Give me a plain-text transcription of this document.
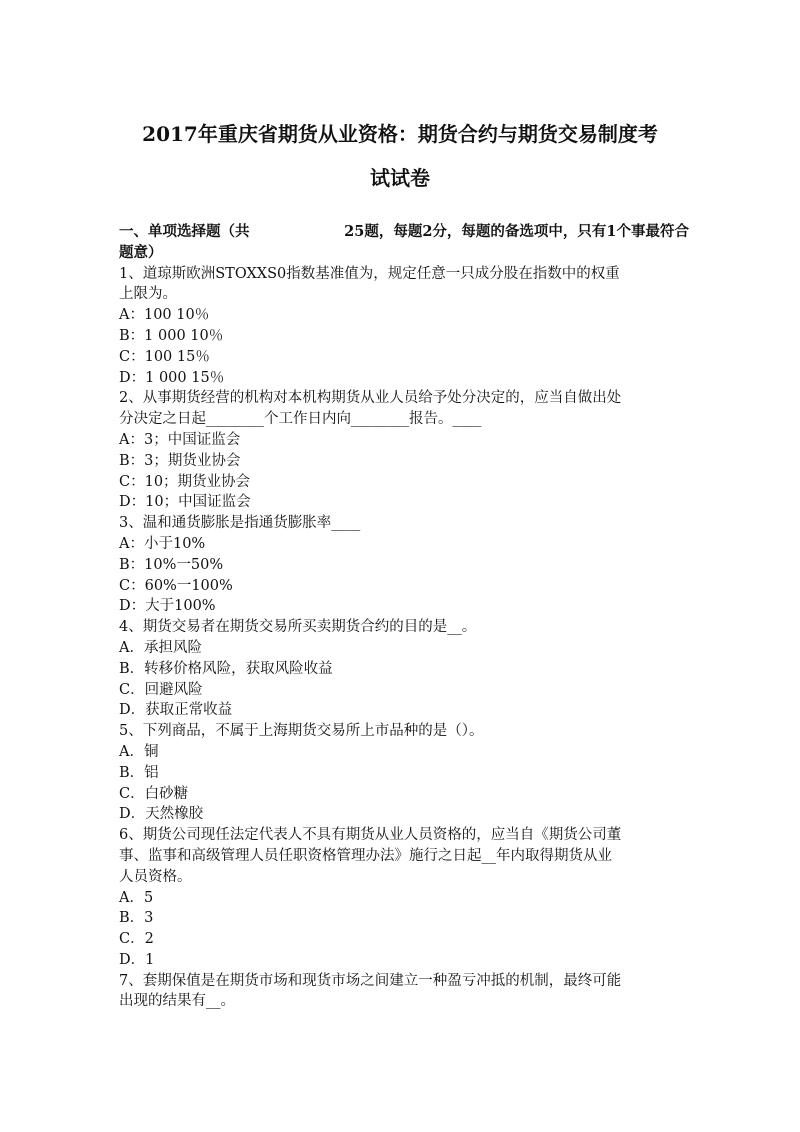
2017年重庆省期货从业资格：期货合约与期货交易制度考
试试卷
一、单项选择题（共	25题，每题2分，每题的备选项中，只有1个事最符合
题意）
1、道琼斯欧洲STOXXS0指数基准值为，规定任意一只成分股在指数中的权重
上限为。
A：100 10％
B：1 000 10％
C：100 15％
D：1 000 15％
2、从事期货经营的机构对本机构期货从业人员给予处分决定的，应当自做出处
分决定之日起________个工作日内向________报告。____
A：3；中国证监会
B：3；期货业协会
C：10；期货业协会
D：10；中国证监会
3、温和通货膨胀是指通货膨胀率____
A：小于10%
B：10%一50%
C：60%一100%
D：大于100%
4、期货交易者在期货交易所买卖期货合约的目的是__。
A．承担风险
B．转移价格风险，获取风险收益
C．回避风险
D．获取正常收益
5、下列商品，不属于上海期货交易所上市品种的是（）。
A．铜
B．铝
C．白砂糖
D．天然橡胶
6、期货公司现任法定代表人不具有期货从业人员资格的，应当自《期货公司董
事、监事和高级管理人员任职资格管理办法》施行之日起__年内取得期货从业
人员资格。
A．5
B．3
C．2
D．1
7、套期保值是在期货市场和现货市场之间建立一种盈亏冲抵的机制，最终可能
出现的结果有__。
